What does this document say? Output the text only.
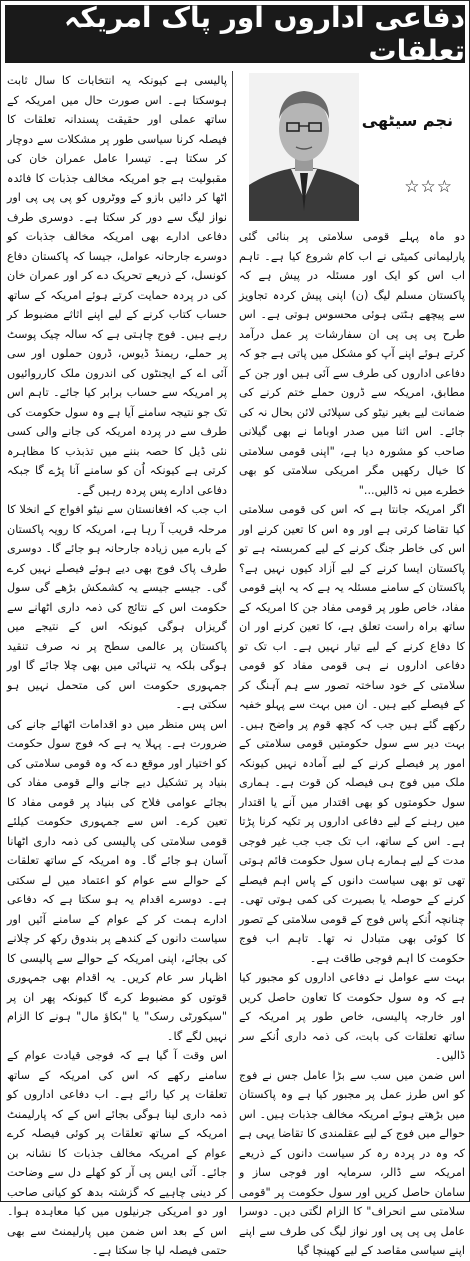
دفاعی اداروں اور پاک امریکہ تعلقات
نجم سیٹھی
☆☆☆

دو ماہ پہلے قومی سلامتی پر بنائی گئی پارلیمانی کمیٹی نے اب کام شروع کیا ہے۔ تاہم اب اس کو ایک اور مسئلہ در پیش ہے کہ پاکستان مسلم لیگ (ن) اپنی پیش کردہ تجاویز سے پیچھے ہٹتی ہوئی محسوس ہوتی ہے۔ اس طرح پی پی پی ان سفارشات پر عمل درآمد کرتے ہوئے اپنے آپ کو مشکل میں پاتی ہے جو کہ دفاعی اداروں کی طرف سے آئی ہیں اور جن کے مطابق، امریکہ سے ڈرون حملے ختم کرنے کی ضمانت لیے بغیر نیٹو کی سپلائی لائن بحال نہ کی جائے۔ اس اثنا میں صدر اوباما نے بھی گیلانی صاحب کو مشورہ دیا ہے، "اپنی قومی سلامتی کا خیال رکھیں مگر امریکی سلامتی کو بھی خطرے میں نہ ڈالیں..."

اگر امریکہ جانتا ہے کہ اس کی قومی سلامتی کیا تقاضا کرتی ہے اور وہ اس کا تعین کرنے اور اس کی خاطر جنگ کرنے کے لیے کمربستہ ہے تو پاکستان ایسا کرنے کے لیے آزاد کیوں نہیں ہے؟ پاکستان کے سامنے مسئلہ یہ ہے کہ یہ اپنے قومی مفاد، خاص طور پر قومی مفاد جن کا امریکہ کے ساتھ براہ راست تعلق ہے، کا تعین کرنے اور ان کا دفاع کرنے کے لیے تیار نہیں ہے۔ اب تک تو دفاعی اداروں نے ہی قومی مفاد کو قومی سلامتی کے خود ساختہ تصور سے ہم آہنگ کر کے فیصلے کیے ہیں۔ ان میں بہت سے پہلو خفیہ رکھے گئے ہیں جب کہ کچھ قوم پر واضح ہیں۔ بہت دیر سے سول حکومتیں قومی سلامتی کے امور پر فیصلے کرنے کے لیے آمادہ نہیں کیونکہ ملک میں فوج ہی فیصلہ کن قوت ہے۔ ہماری سول حکومتوں کو بھی اقتدار میں آنے یا اقتدار میں رہنے کے لیے دفاعی اداروں پر تکیہ کرنا پڑتا ہے۔ اس کے ساتھ، اب تک جب جب غیر فوجی مدت کے لیے ہمارے ہاں سول حکومت قائم ہوتی تھی تو بھی سیاست دانوں کے پاس اہم فیصلے کرنے کے حوصلہ یا بصیرت کی کمی ہوتی تھی۔ چنانچہ اُنکے پاس فوج کے قومی سلامتی کے تصور کا کوئی بھی متبادل نہ تھا۔ تاہم اب فوج حکومت کا اہم فوجی طاقت ہے۔

بہت سے عوامل نے دفاعی اداروں کو مجبور کیا ہے کہ وہ سول حکومت کا تعاون حاصل کریں اور خارجہ پالیسی، خاص طور پر امریکہ کے ساتھ تعلقات کی بابت، کی ذمہ داری اُنکے سر ڈالیں۔

اس ضمن میں سب سے بڑا عامل جس نے فوج کو اس طرز عمل پر مجبور کیا ہے وہ پاکستان میں بڑھتے ہوئے امریکہ مخالف جذبات ہیں۔ اس حوالے میں فوج کے لیے عقلمندی کا تقاضا یہی ہے کہ وہ در پردہ رہ کر سیاست دانوں کے ذریعے امریکہ سے ڈالر، سرمایہ اور فوجی ساز و سامان حاصل کریں اور سول حکومت پر "قومی سلامتی سے انحراف" کا الزام لگتی دیں۔ دوسرا عامل پی پی پی اور نواز لیگ کی طرف سے اپنے اپنے سیاسی مقاصد کے لیے کھینچا گیا

پالیسی ہے کیونکہ یہ انتخابات کا سال ثابت ہوسکتا ہے۔ اس صورت حال میں امریکہ کے ساتھ عملی اور حقیقت پسندانہ تعلقات کا فیصلہ کرنا سیاسی طور پر مشکلات سے دوچار کر سکتا ہے۔ تیسرا عامل عمران خان کی مقبولیت ہے جو امریکہ مخالف جذبات کا فائدہ اٹھا کر دائیں بازو کے ووٹروں کو پی پی پی اور نواز لیگ سے دور کر سکتا ہے۔ دوسری طرف دفاعی ادارے بھی امریکہ مخالف جذبات کو دوسرے جارحانہ عوامل، جیسا کہ پاکستان دفاع کونسل، کے ذریعے تحریک دے کر اور عمران خان کی در پردہ حمایت کرتے ہوئے امریکہ کے ساتھ حساب کتاب کرنے کے لیے اپنے اثاثے مضبوط کر رہے ہیں۔ فوج چاہتی ہے کہ سالہ چیک پوسٹ پر حملے، ریمنڈ ڈیوس، ڈرون حملوں اور سی آئی اے کے ایجنٹوں کی اندرون ملک کارروائیوں پر امریکہ سے حساب برابر کیا جائے۔ تاہم اس تک جو نتیجہ سامنے آیا ہے وہ سول حکومت کی طرف سے در پردہ امریکہ کی جانے والی کسی نئی ڈیل کا حصہ بننے میں تذبذب کا مظاہرہ کرتی ہے کیونکہ اُن کو سامنے آنا پڑے گا جبکہ دفاعی ادارے پس پردہ رہیں گے۔

اب جب کہ افغانستان سے نیٹو افواج کے انخلا کا مرحلہ قریب آ رہا ہے، امریکہ کا رویہ پاکستان کے بارے میں زیادہ جارحانہ ہو جائے گا۔ دوسری طرف پاک فوج بھی دیے ہوئے فیصلے نہیں کرے گی۔ جیسے جیسے یہ کشمکش بڑھے گی سول حکومت اس کے نتائج کی ذمہ داری اٹھانے سے گریزاں ہوگی کیونکہ اس کے نتیجے میں پاکستان پر عالمی سطح پر نہ صرف تنقید ہوگی بلکہ یہ تنہائی میں بھی چلا جائے گا اور جمہوری حکومت اس کی متحمل نہیں ہو سکتی ہے۔

اس پس منظر میں دو اقدامات اٹھائے جانے کی ضرورت ہے۔ پہلا یہ ہے کہ فوج سول حکومت کو اختیار اور موقع دے کہ وہ قومی سلامتی کی بنیاد پر تشکیل دیے جانے والے قومی مفاد کی بجائے عوامی فلاح کی بنیاد پر قومی مفاد کا تعین کرے۔ اس سے جمہوری حکومت کیلئے قومی سلامتی کی پالیسی کی ذمہ داری اٹھانا آسان ہو جائے گا۔ وہ امریکہ کے ساتھ تعلقات کے حوالے سے عوام کو اعتماد میں لے سکتی ہے۔ دوسرے اقدام یہ ہو سکتا ہے کہ دفاعی ادارے ہمت کر کے عوام کے سامنے آئیں اور سیاست دانوں کے کندھے پر بندوق رکھ کر چلانے کی بجائے، اپنی امریکہ کے حوالے سے پالیسی کا اظہار سر عام کریں۔ یہ اقدام بھی جمہوری قوتوں کو مضبوط کرے گا کیونکہ پھر ان پر "سیکورٹی رسک" یا "بکاؤ مال" ہونے کا الزام نہیں لگے گا۔

اس وقت آ گیا ہے کہ فوجی قیادت عوام کے سامنے رکھے کہ اس کی امریکہ کے ساتھ تعلقات پر کیا رائے ہے۔ اب دفاعی اداروں کو ذمہ داری لینا ہوگی بجائے اس کے کہ پارلیمنٹ امریکہ کے ساتھ تعلقات پر کوئی فیصلہ کرے عوام کے امریکہ مخالف جذبات کا نشانہ بن جائے۔ آئی ایس پی آر کو کھلے دل سے وضاحت کر دینی چاہیے کہ گزشتہ بدھ کو کیانی صاحب اور دو امریکی جرنیلوں میں کیا معاہدہ ہوا۔ اس کے بعد اس ضمن میں پارلیمنٹ سے بھی حتمی فیصلہ لیا جا سکتا ہے۔
